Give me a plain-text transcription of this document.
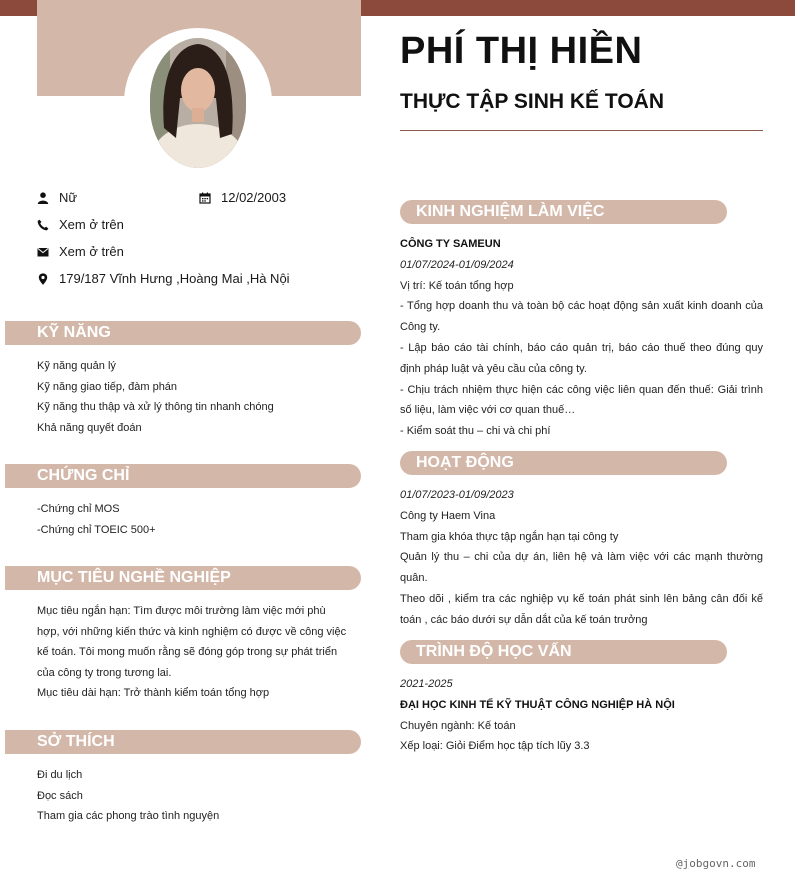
PHÍ THỊ HIỀN
THỰC TẬP SINH KẾ TOÁN
Nữ	12/02/2003
Xem ở trên
Xem ở trên
179/187 Vĩnh Hưng ,Hoàng Mai ,Hà Nội
KỸ NĂNG

Kỹ năng quản lý

Kỹ năng giao tiếp, đàm phán

Kỹ năng thu thập và xử lý thông tin nhanh chóng

Khả năng quyết đoán

CHỨNG CHỈ

-Chứng chỉ MOS

-Chứng chỉ TOEIC 500+

MỤC TIÊU NGHỀ NGHIỆP

Mục tiêu ngắn hạn: Tìm được môi trường làm việc mới phù hợp, với những kiến thức và kinh nghiệm có được về công việc kế toán. Tôi mong muốn rằng sẽ đóng góp trong sự phát triển của công ty trong tương lai.

Mục tiêu dài hạn: Trở thành kiểm toán tổng hợp

SỞ THÍCH

Đi du lịch

Đọc sách

Tham gia các phong trào tình nguyện

KINH NGHIỆM LÀM VIỆC

CÔNG TY SAMEUN

01/07/2024-01/09/2024

Vị trí: Kế toán tổng hợp

- Tổng hợp doanh thu và toàn bộ các hoạt động sản xuất kinh doanh của Công ty.

- Lập báo cáo tài chính, báo cáo quản trị, báo cáo thuế theo đúng quy định pháp luật và yêu cầu của công ty.

- Chịu trách nhiệm thực hiện các công việc liên quan đến thuế: Giải trình số liệu, làm việc với cơ quan thuế…

- Kiểm soát thu – chi và chi phí

HOẠT ĐỘNG

01/07/2023-01/09/2023

Công ty Haem Vina

Tham gia khóa thực tập ngắn hạn tại công ty

Quản lý thu – chi của dự án, liên hệ và làm việc với các mạnh thường quân.

Theo dõi , kiểm tra các nghiệp vụ kế toán phát sinh lên bảng cân đối kế toán , các báo dưới sự dẫn dắt của kế toán trưởng

TRÌNH ĐỘ HỌC VẤN

2021-2025

ĐẠI HỌC KINH TẾ KỸ THUẬT CÔNG NGHIỆP HÀ NỘI

Chuyên ngành: Kế toán

Xếp loại: Giỏi Điểm học tập tích lũy 3.3

@jobgovn.com
